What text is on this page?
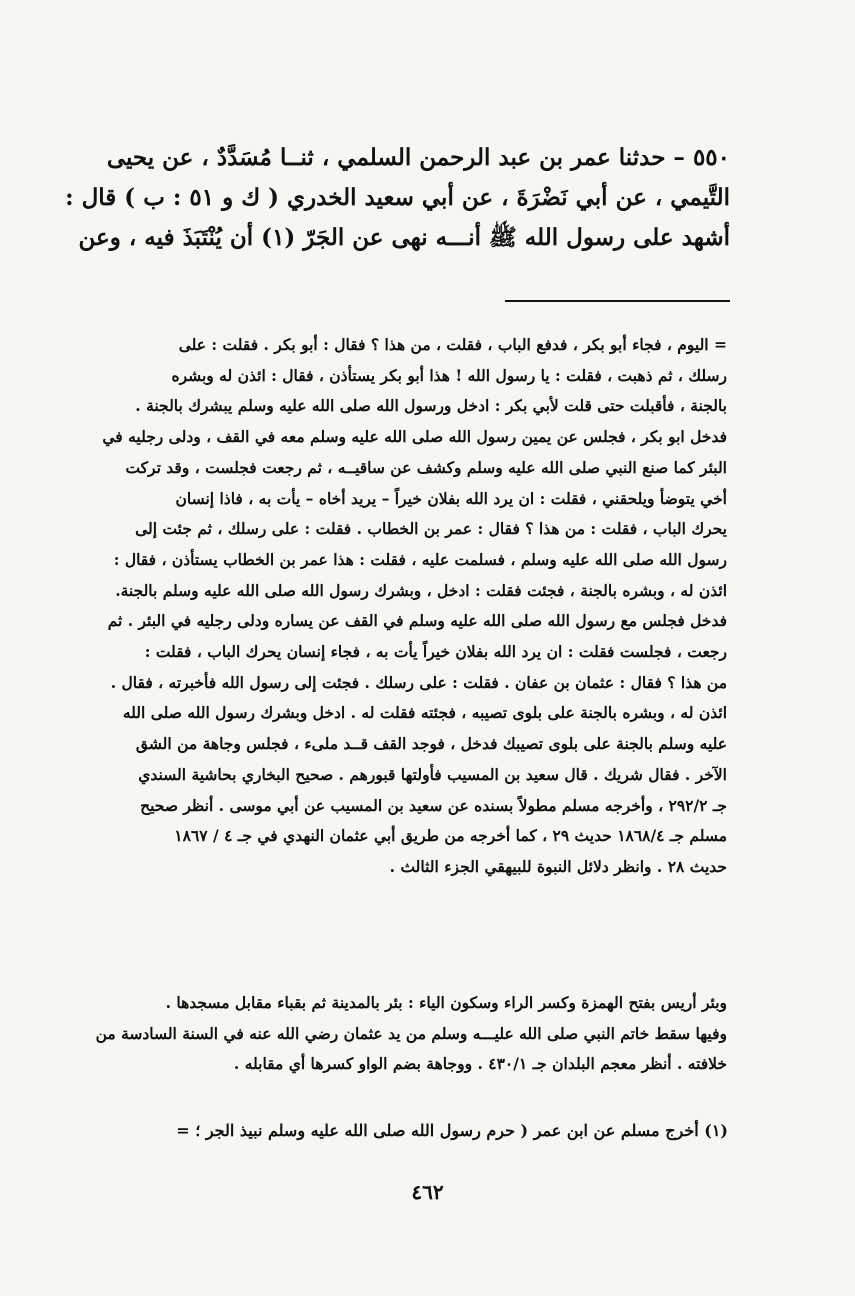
٥٥٠ – حدثنا عمر بن عبد الرحمن السلمي ، ثنــا مُسَدَّدٌ ، عن يحيى
التَّيمي ، عن أبي نَضْرَةَ ، عن أبي سعيد الخدري ( ك و ٥١ : ب ) قال :
أشهد على رسول الله ﷺ أنـــه نهى عن الجَرّ (١) أن يُنْتَبَذَ فيه ، وعن
= اليوم ، فجاء أبو بكر ، فدفع الباب ، فقلت ، من هذا ؟ فقال : أبو بكر . فقلت : على
رسلك ، ثم ذهبت ، فقلت : يا رسول الله ! هذا أبو بكر يستأذن ، فقال : ائذن له وبشره
بالجنة ، فأقبلت حتى قلت لأبي بكر : ادخل ورسول الله صلى الله عليه وسلم يبشرك بالجنة .
فدخل ابو بكر ، فجلس عن يمين رسول الله صلى الله عليه وسلم معه في القف ، ودلى رجليه في
البئر كما صنع النبي صلى الله عليه وسلم وكشف عن ساقيــه ، ثم رجعت فجلست ، وقد تركت
أخي يتوضأ ويلحقني ، فقلت : ان يرد الله بفلان خيراً – يريد أخاه – يأت به ، فاذا إنسان
يحرك الباب ، فقلت : من هذا ؟ فقال : عمر بن الخطاب . فقلت : على رسلك ، ثم جئت إلى
رسول الله صلى الله عليه وسلم ، فسلمت عليه ، فقلت : هذا عمر بن الخطاب يستأذن ، فقال :
ائذن له ، وبشره بالجنة ، فجئت فقلت : ادخل ، وبشرك رسول الله صلى الله عليه وسلم بالجنة.
فدخل فجلس مع رسول الله صلى الله عليه وسلم في القف عن يساره ودلى رجليه في البئر . ثم
رجعت ، فجلست فقلت : ان يرد الله بفلان خيراً يأت به ، فجاء إنسان يحرك الباب ، فقلت :
من هذا ؟ فقال : عثمان بن عفان . فقلت : على رسلك . فجئت إلى رسول الله فأخبرته ، فقال .
ائذن له ، وبشره بالجنة على بلوى تصيبه ، فجئته فقلت له . ادخل وبشرك رسول الله صلى الله
عليه وسلم بالجنة على بلوى تصيبك فدخل ، فوجد القف قــد ملىء ، فجلس وجاهة من الشق
الآخر . فقال شريك . قال سعيد بن المسيب فأولتها قبورهم . صحيح البخاري بحاشية السندي
جـ ٢٩٢/٢ ، وأخرجه مسلم مطولاً بسنده عن سعيد بن المسيب عن أبي موسى . أنظر صحيح
مسلم جـ ١٨٦٨/٤ حديث ٢٩ ، كما أخرجه من طريق أبي عثمان النهدي في جـ ٤ / ١٨٦٧
حديث ٢٨ . وانظر دلائل النبوة للبيهقي الجزء الثالث .
وبئر أريس بفتح الهمزة وكسر الراء وسكون الياء : بئر بالمدينة ثم بقباء مقابل مسجدها .
وفيها سقط خاتم النبي صلى الله عليـــه وسلم من يد عثمان رضي الله عنه في السنة السادسة من
خلافته . أنظر معجم البلدان جـ ٤٣٠/١ . ووجاهة بضم الواو كسرها أي مقابله .
(١) أخرج مسلم عن ابن عمر ( حرم رسول الله صلى الله عليه وسلم نبيذ الجر ؛ =
٤٦٢
